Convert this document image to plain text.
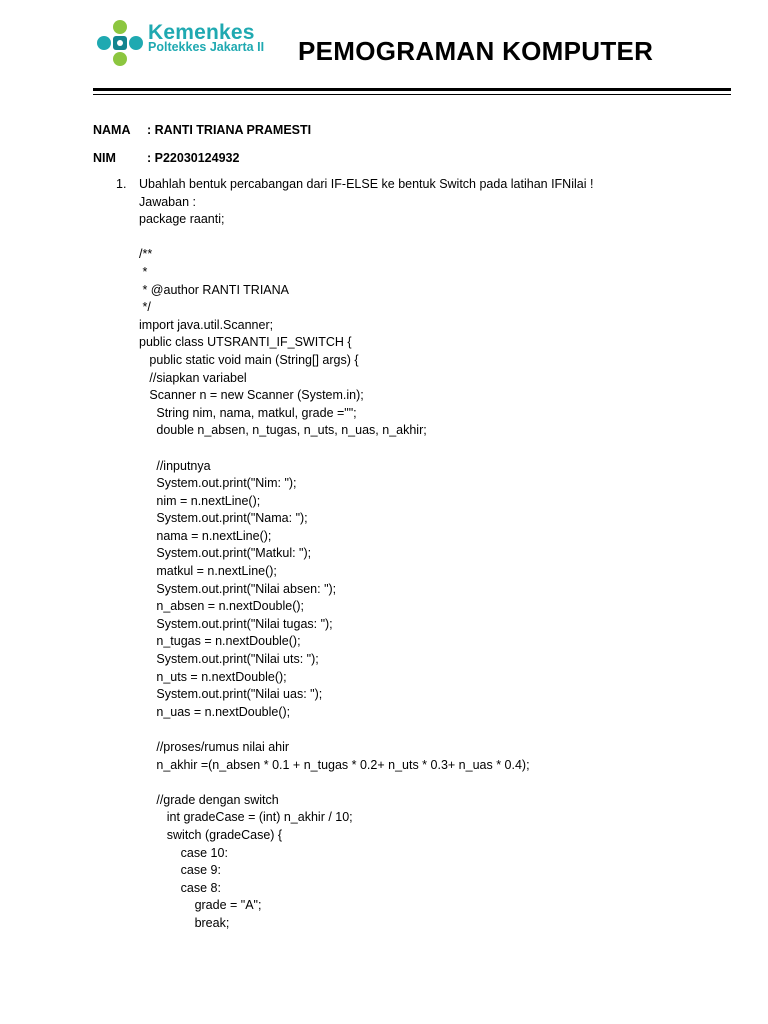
Kemenkes
Poltekkes Jakarta II PEMOGRAMAN KOMPUTER
NAMA : RANTI TRIANA PRAMESTI
NIM : P22030124932
1. Ubahlah bentuk percabangan dari IF-ELSE ke bentuk Switch pada latihan IFNilai !
Jawaban :
package raanti;

/**
*
* @author RANTI TRIANA
*/
import java.util.Scanner;
public class UTSRANTI_IF_SWITCH {
public static void main (String[] args) {
//siapkan variabel
Scanner n = new Scanner (System.in);
String nim, nama, matkul, grade ="";
double n_absen, n_tugas, n_uts, n_uas, n_akhir;

//inputnya
System.out.print("Nim: ");
nim = n.nextLine();
System.out.print("Nama: ");
nama = n.nextLine();
System.out.print("Matkul: ");
matkul = n.nextLine();
System.out.print("Nilai absen: ");
n_absen = n.nextDouble();
System.out.print("Nilai tugas: ");
n_tugas = n.nextDouble();
System.out.print("Nilai uts: ");
n_uts = n.nextDouble();
System.out.print("Nilai uas: ");
n_uas = n.nextDouble();

//proses/rumus nilai ahir
n_akhir =(n_absen * 0.1 + n_tugas * 0.2+ n_uts * 0.3+ n_uas * 0.4);

//grade dengan switch
int gradeCase = (int) n_akhir / 10;
switch (gradeCase) {
case 10:
case 9:
case 8:
grade = "A";
break;
